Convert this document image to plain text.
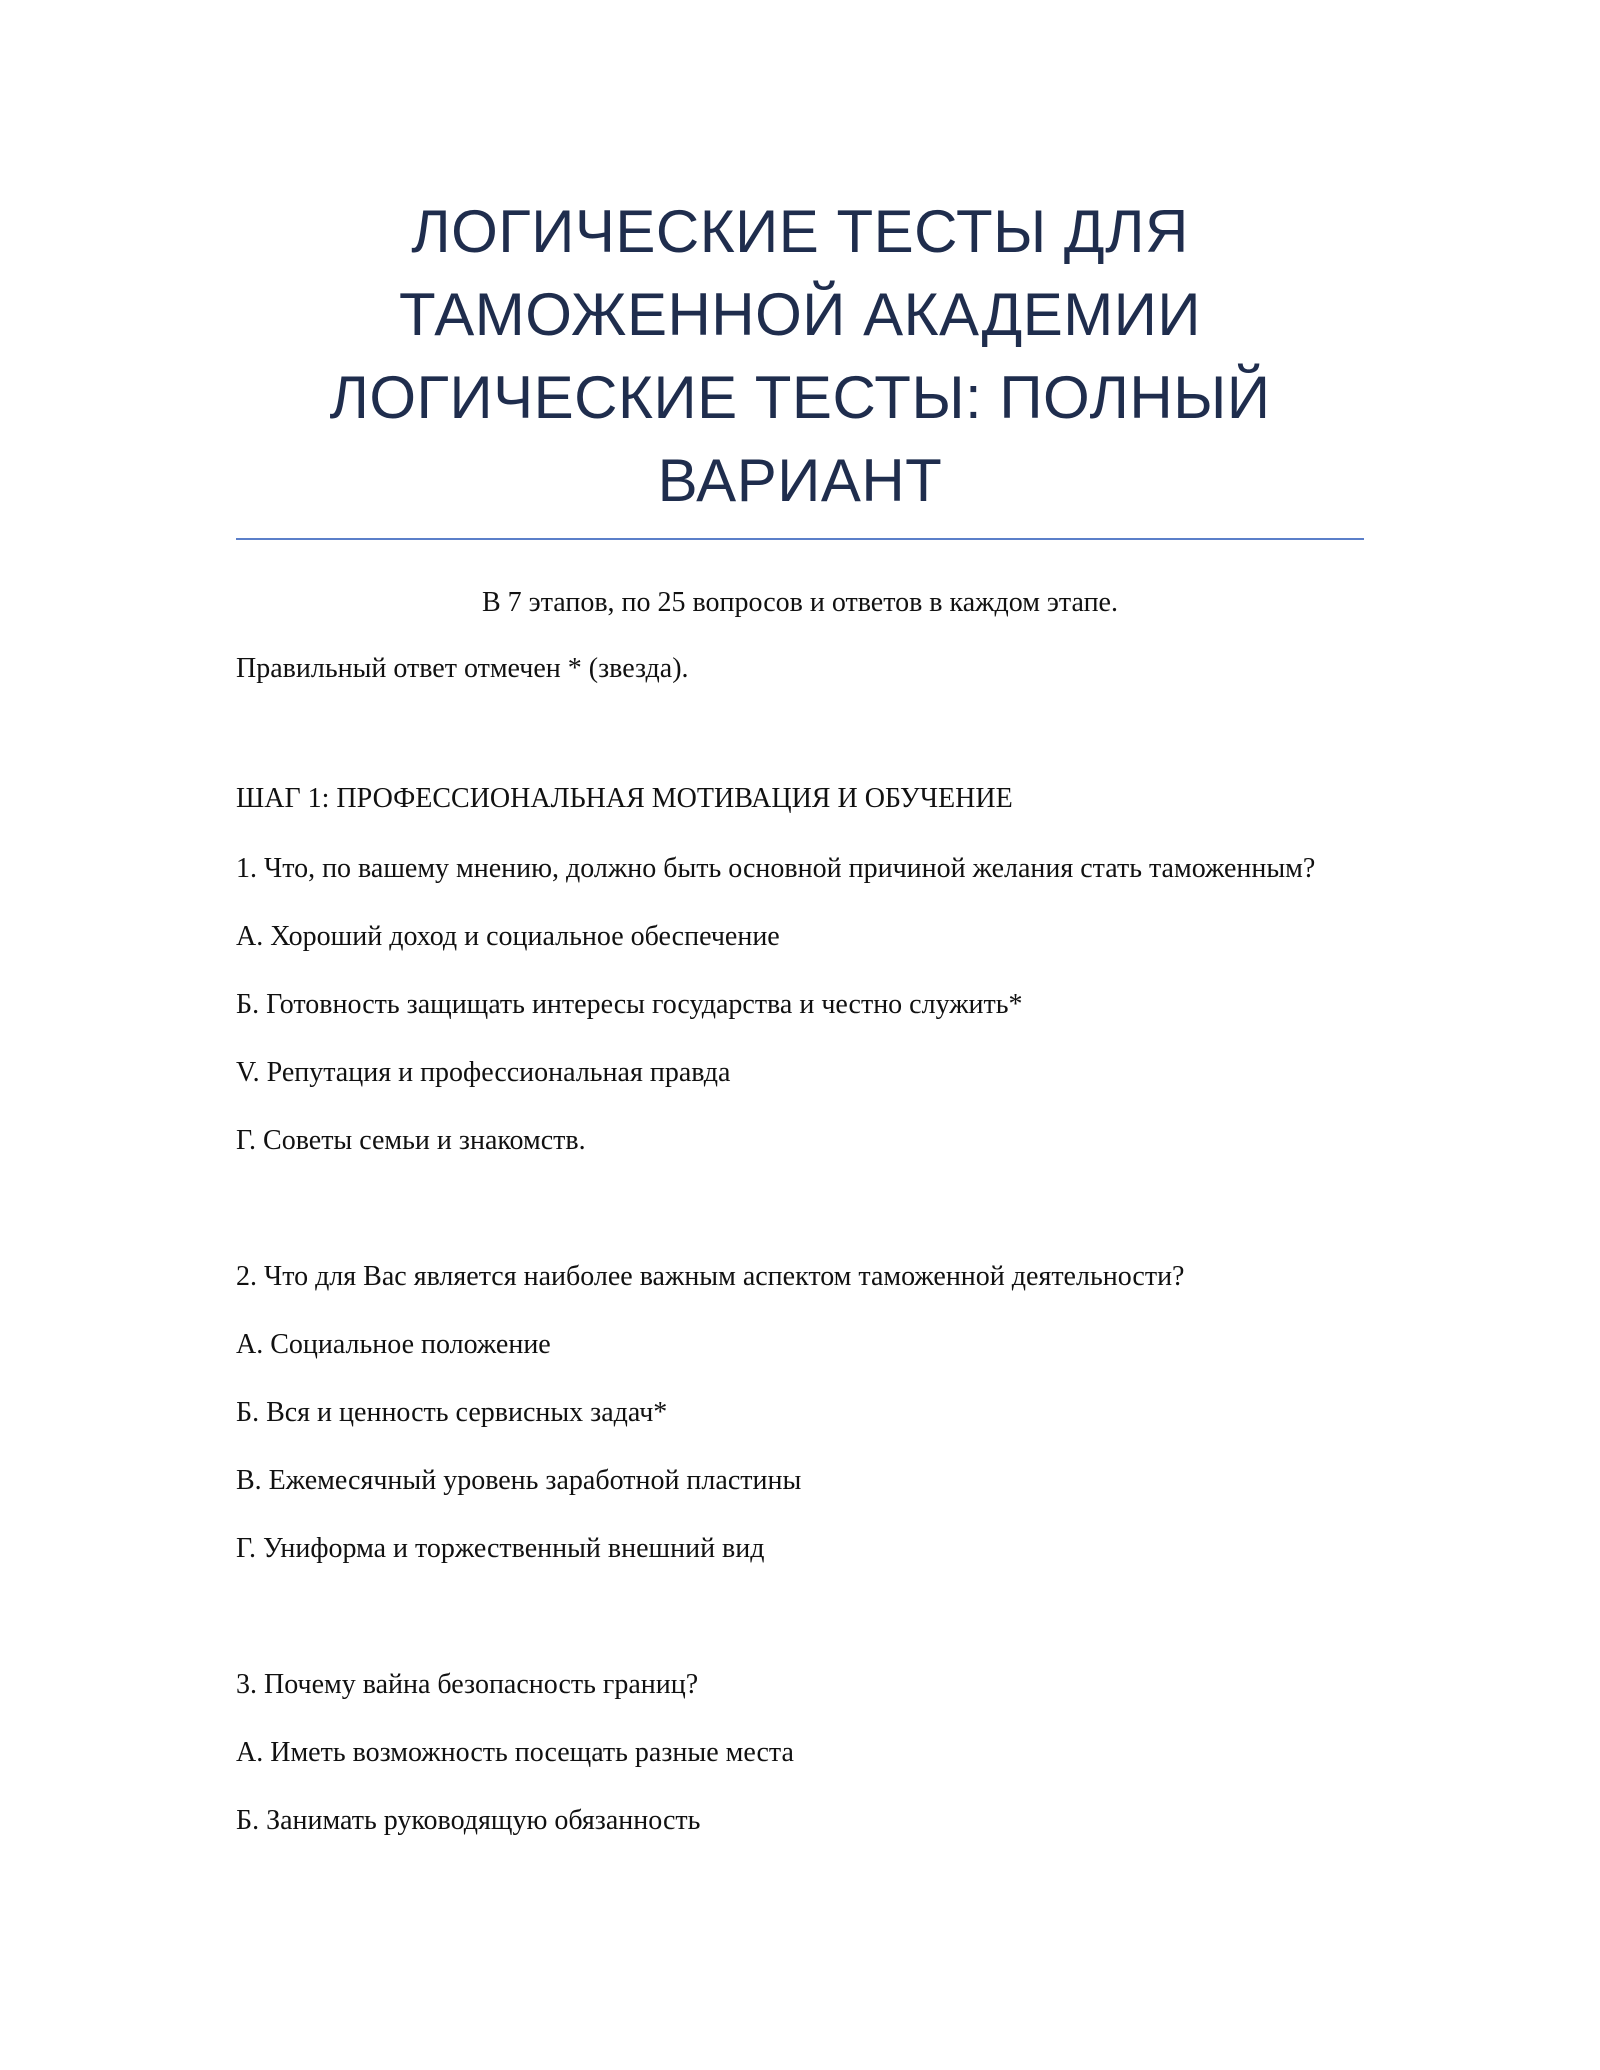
ЛОГИЧЕСКИЕ ТЕСТЫ ДЛЯ ТАМОЖЕННОЙ АКАДЕМИИ ЛОГИЧЕСКИЕ ТЕСТЫ: ПОЛНЫЙ ВАРИАНТ

В 7 этапов, по 25 вопросов и ответов в каждом этапе.

Правильный ответ отмечен * (звезда).

ШАГ 1: ПРОФЕССИОНАЛЬНАЯ МОТИВАЦИЯ И ОБУЧЕНИЕ

1. Что, по вашему мнению, должно быть основной причиной желания стать таможенным?

А. Хороший доход и социальное обеспечение

Б. Готовность защищать интересы государства и честно служить*

V. Репутация и профессиональная правда

Г. Советы семьи и знакомств.

2. Что для Вас является наиболее важным аспектом таможенной деятельности?

А. Социальное положение

Б. Вся и ценность сервисных задач*

В. Ежемесячный уровень заработной пластины

Г. Униформа и торжественный внешний вид

3. Почему вайна безопасность границ?

А. Иметь возможность посещать разные места

Б. Занимать руководящую обязанность
